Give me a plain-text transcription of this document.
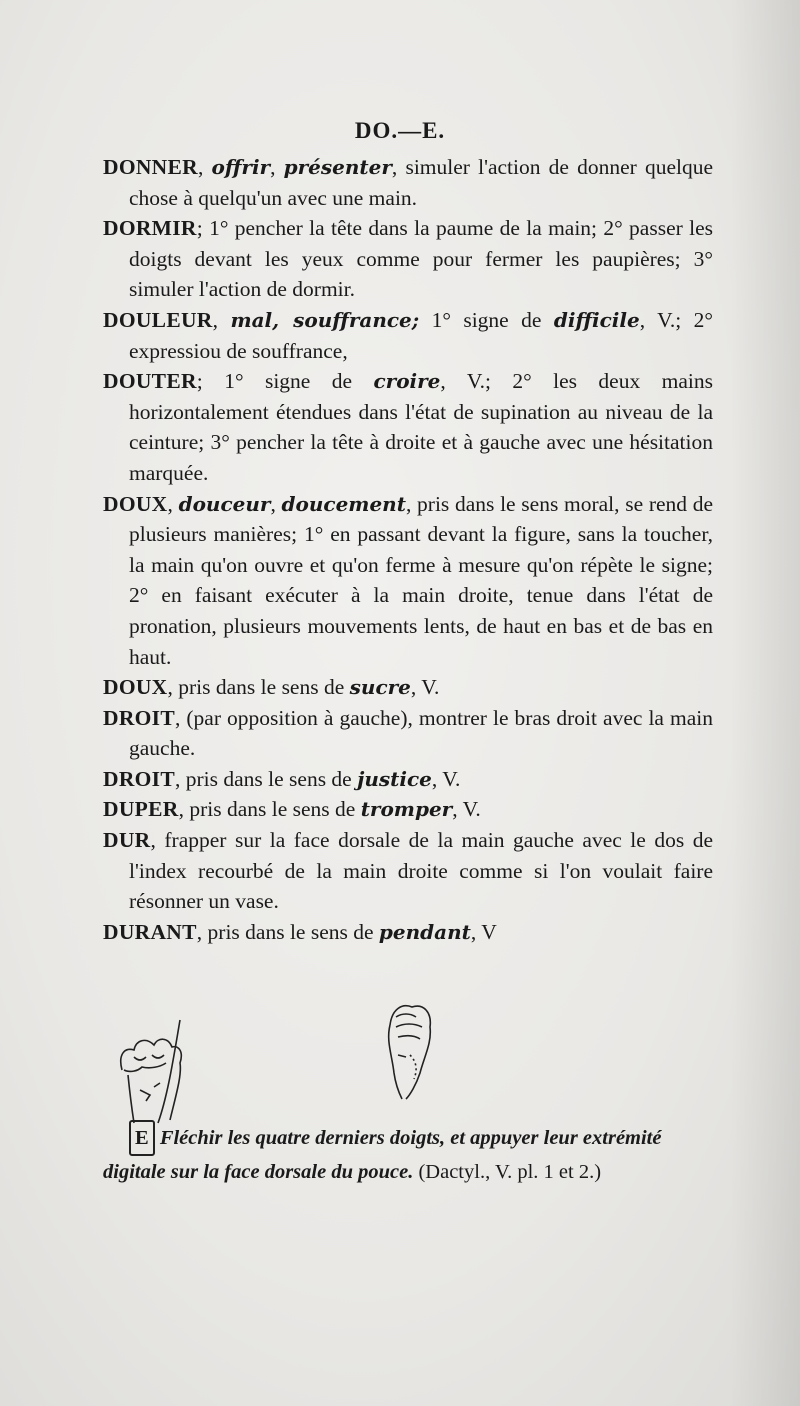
DO.—E.

DONNER, offrir, présenter, simuler l'action de donner quelque chose à quelqu'un avec une main.

DORMIR; 1° pencher la tête dans la paume de la main; 2° passer les doigts devant les yeux comme pour fermer les paupières; 3° simuler l'action de dormir.

DOULEUR, mal, souffrance; 1° signe de difficile, V.; 2° expressiou de souffrance,

DOUTER; 1° signe de croire, V.; 2° les deux mains horizontalement étendues dans l'état de supination au niveau de la ceinture; 3° pencher la tête à droite et à gauche avec une hésitation marquée.

DOUX, douceur, doucement, pris dans le sens moral, se rend de plusieurs manières; 1° en passant devant la figure, sans la toucher, la main qu'on ouvre et qu'on ferme à mesure qu'on répète le signe; 2° en faisant exécuter à la main droite, tenue dans l'état de pronation, plusieurs mouvements lents, de haut en bas et de bas en haut.

DOUX, pris dans le sens de sucre, V.

DROIT, (par opposition à gauche), montrer le bras droit avec la main gauche.

DROIT, pris dans le sens de justice, V.

DUPER, pris dans le sens de tromper, V.

DUR, frapper sur la face dorsale de la main gauche avec le dos de l'index recourbé de la main droite comme si l'on voulait faire résonner un vase.

DURANT, pris dans le sens de pendant, V

E Fléchir les quatre derniers doigts, et appuyer leur extrémité digitale sur la face dorsale du pouce. (Dactyl., V. pl. 1 et 2.)
